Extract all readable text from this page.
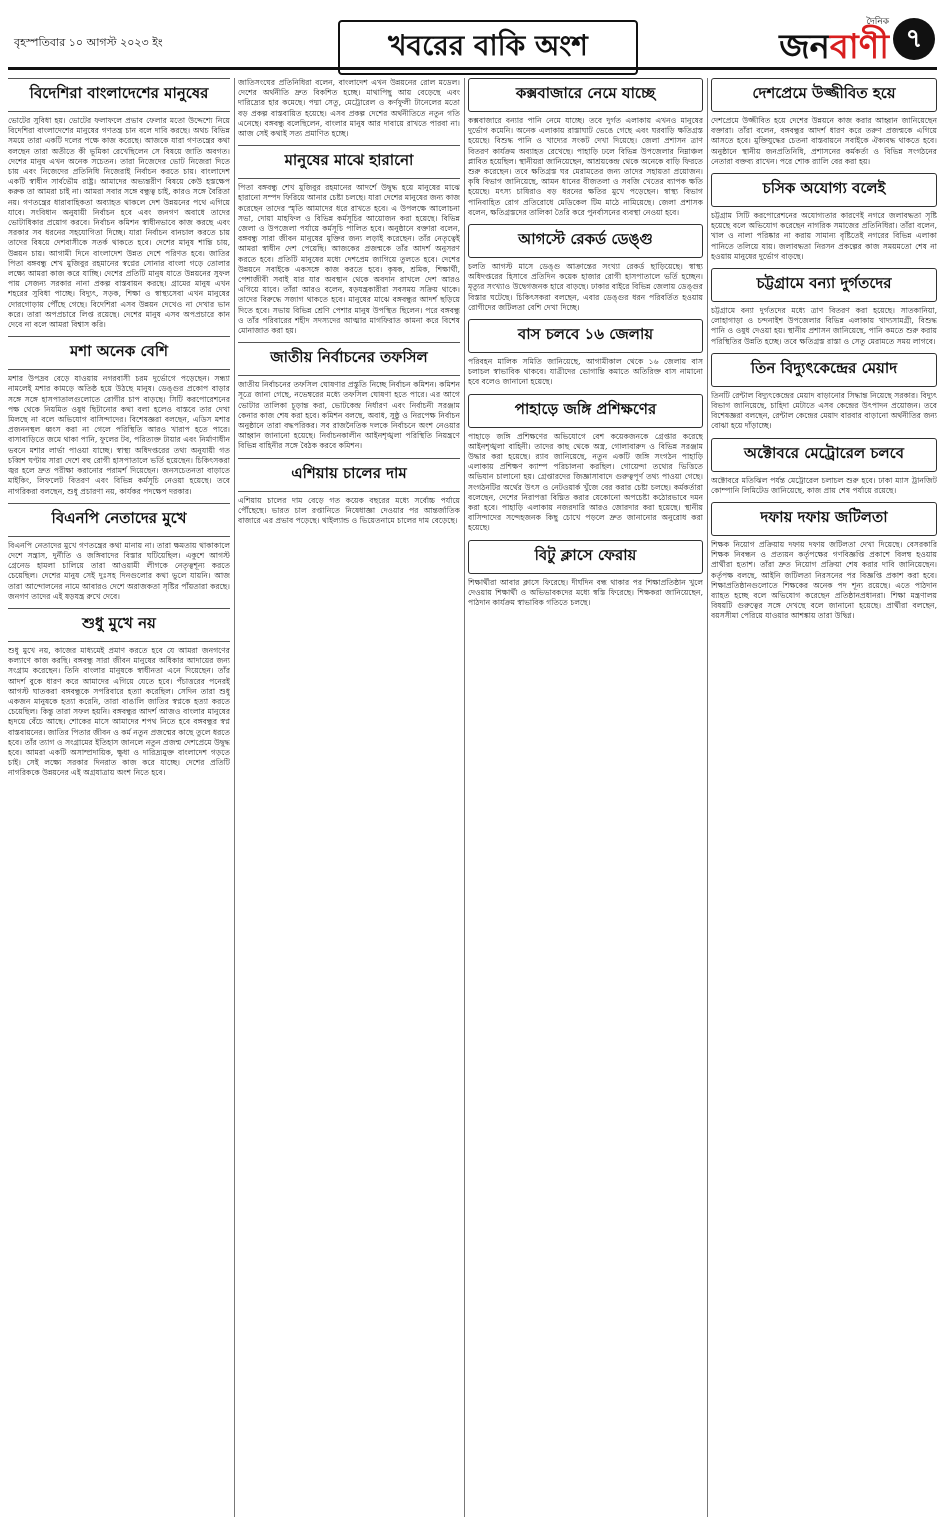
বৃহস্পতিবার ১০ আগস্ট ২০২৩ ইং	খবরের বাকি অংশ
দৈনিক
জনবাণী ৭
বিদেশিরা বাংলাদেশের মানুষের
ভোটের সুবিধা হয়। ভোটের ফলাফলে প্রভাব ফেলার মতো উদ্দেশ্যে নিয়ে বিদেশিরা বাংলাদেশের মানুষের গণতন্ত্র চান বলে দাবি করছে। অথচ বিভিন্ন সময়ে তারা একটি দলের পক্ষে কাজ করেছে। আজকে যারা গণতন্ত্রের কথা বলছেন তারা অতীতে কী ভূমিকা রেখেছিলেন সে বিষয়ে জাতি অবগত। দেশের মানুষ এখন অনেক সচেতন। তারা নিজেদের ভোট নিজেরা দিতে চায় এবং নিজেদের প্রতিনিধি নিজেরাই নির্বাচন করতে চায়। বাংলাদেশ একটি স্বাধীন সার্বভৌম রাষ্ট্র। আমাদের অভ্যন্তরীণ বিষয়ে কেউ হস্তক্ষেপ করুক তা আমরা চাই না। আমরা সবার সঙ্গে বন্ধুত্ব চাই, কারও সঙ্গে বৈরিতা নয়। গণতন্ত্রের ধারাবাহিকতা অব্যাহত থাকলে দেশ উন্নয়নের পথে এগিয়ে যাবে। সংবিধান অনুযায়ী নির্বাচন হবে এবং জনগণ অবাধে তাদের ভোটাধিকার প্রয়োগ করবে। নির্বাচন কমিশন স্বাধীনভাবে কাজ করছে এবং সরকার সব ধরনের সহযোগিতা দিচ্ছে। যারা নির্বাচন বানচাল করতে চায় তাদের বিষয়ে দেশবাসীকে সতর্ক থাকতে হবে। দেশের মানুষ শান্তি চায়, উন্নয়ন চায়। আগামী দিনে বাংলাদেশ উন্নত দেশে পরিণত হবে। জাতির পিতা বঙ্গবন্ধু শেখ মুজিবুর রহমানের স্বপ্নের সোনার বাংলা গড়ে তোলার লক্ষ্যে আমরা কাজ করে যাচ্ছি। দেশের প্রতিটি মানুষ যাতে উন্নয়নের সুফল পায় সেজন্য সরকার নানা প্রকল্প বাস্তবায়ন করছে। গ্রামের মানুষ এখন শহরের সুবিধা পাচ্ছে। বিদ্যুৎ, সড়ক, শিক্ষা ও স্বাস্থ্যসেবা এখন মানুষের দোরগোড়ায় পৌঁছে গেছে। বিদেশিরা এসব উন্নয়ন দেখেও না দেখার ভান করে। তারা অপপ্রচারে লিপ্ত রয়েছে। দেশের মানুষ এসব অপপ্রচারে কান দেবে না বলে আমরা বিশ্বাস করি।
মশা অনেক বেশি
মশার উপদ্রব বেড়ে যাওয়ায় নগরবাসী চরম দুর্ভোগে পড়েছেন। সন্ধ্যা নামলেই মশার কামড়ে অতিষ্ঠ হয়ে উঠছে মানুষ। ডেঙ্গুর প্রকোপ বাড়ার সঙ্গে সঙ্গে হাসপাতালগুলোতে রোগীর চাপ বাড়ছে। সিটি করপোরেশনের পক্ষ থেকে নিয়মিত ওষুধ ছিটানোর কথা বলা হলেও বাস্তবে তার দেখা মিলছে না বলে অভিযোগ বাসিন্দাদের। বিশেষজ্ঞরা বলছেন, এডিস মশার প্রজননস্থল ধ্বংস করা না গেলে পরিস্থিতি আরও খারাপ হতে পারে। বাসাবাড়িতে জমে থাকা পানি, ফুলের টব, পরিত্যক্ত টায়ার এবং নির্মাণাধীন ভবনে মশার লার্ভা পাওয়া যাচ্ছে। স্বাস্থ্য অধিদপ্তরের তথ্য অনুযায়ী গত চব্বিশ ঘণ্টায় সারা দেশে বহু রোগী হাসপাতালে ভর্তি হয়েছেন। চিকিৎসকরা জ্বর হলে দ্রুত পরীক্ষা করানোর পরামর্শ দিয়েছেন। জনসচেতনতা বাড়াতে মাইকিং, লিফলেট বিতরণ এবং বিভিন্ন কর্মসূচি নেওয়া হয়েছে। তবে নাগরিকরা বলছেন, শুধু প্রচারণা নয়, কার্যকর পদক্ষেপ দরকার।
বিএনপি নেতাদের মুখে
বিএনপি নেতাদের মুখে গণতন্ত্রের কথা মানায় না। তারা ক্ষমতায় থাকাকালে দেশে সন্ত্রাস, দুর্নীতি ও জঙ্গিবাদের বিস্তার ঘটিয়েছিল। একুশে আগস্ট গ্রেনেড হামলা চালিয়ে তারা আওয়ামী লীগকে নেতৃত্বশূন্য করতে চেয়েছিল। দেশের মানুষ সেই দুঃসহ দিনগুলোর কথা ভুলে যায়নি। আজ তারা আন্দোলনের নামে আবারও দেশে অরাজকতা সৃষ্টির পাঁয়তারা করছে। জনগণ তাদের এই ষড়যন্ত্র রুখে দেবে।
শুধু মুখে নয়
শুধু মুখে নয়, কাজের মাধ্যমেই প্রমাণ করতে হবে যে আমরা জনগণের কল্যাণে কাজ করছি। বঙ্গবন্ধু সারা জীবন মানুষের অধিকার আদায়ের জন্য সংগ্রাম করেছেন। তিনি বাংলার মানুষকে স্বাধীনতা এনে দিয়েছেন। তাঁর আদর্শ বুকে ধারণ করে আমাদের এগিয়ে যেতে হবে। পঁচাত্তরের পনেরই আগস্ট ঘাতকরা বঙ্গবন্ধুকে সপরিবারে হত্যা করেছিল। সেদিন তারা শুধু একজন মানুষকে হত্যা করেনি, তারা বাঙালি জাতির স্বপ্নকে হত্যা করতে চেয়েছিল। কিন্তু তারা সফল হয়নি। বঙ্গবন্ধুর আদর্শ আজও বাংলার মানুষের হৃদয়ে বেঁচে আছে। শোকের মাসে আমাদের শপথ নিতে হবে বঙ্গবন্ধুর স্বপ্ন বাস্তবায়নের। জাতির পিতার জীবন ও কর্ম নতুন প্রজন্মের কাছে তুলে ধরতে হবে। তাঁর ত্যাগ ও সংগ্রামের ইতিহাস জানলে নতুন প্রজন্ম দেশপ্রেমে উদ্বুদ্ধ হবে। আমরা একটি অসাম্প্রদায়িক, ক্ষুধা ও দারিদ্র্যমুক্ত বাংলাদেশ গড়তে চাই। সেই লক্ষ্যে সরকার দিনরাত কাজ করে যাচ্ছে। দেশের প্রতিটি নাগরিককে উন্নয়নের এই অগ্রযাত্রায় অংশ নিতে হবে।
জাতিসংঘের প্রতিনিধিরা বলেন, বাংলাদেশ এখন উন্নয়নের রোল মডেল। দেশের অর্থনীতি দ্রুত বিকশিত হচ্ছে। মাথাপিছু আয় বেড়েছে এবং দারিদ্র্যের হার কমেছে। পদ্মা সেতু, মেট্রোরেল ও কর্ণফুলী টানেলের মতো বড় প্রকল্প বাস্তবায়িত হয়েছে। এসব প্রকল্প দেশের অর্থনীতিতে নতুন গতি এনেছে। বঙ্গবন্ধু বলেছিলেন, বাংলার মানুষ আর দাবায়ে রাখতে পারবা না। আজ সেই কথাই সত্য প্রমাণিত হচ্ছে।
মানুষের মাঝে হারানো
পিতা বঙ্গবন্ধু শেখ মুজিবুর রহমানের আদর্শে উদ্বুদ্ধ হয়ে মানুষের মাঝে হারানো সম্পদ ফিরিয়ে আনার চেষ্টা চলছে। যারা দেশের মানুষের জন্য কাজ করেছেন তাদের স্মৃতি আমাদের ধরে রাখতে হবে। এ উপলক্ষে আলোচনা সভা, দোয়া মাহফিল ও বিভিন্ন কর্মসূচির আয়োজন করা হয়েছে। বিভিন্ন জেলা ও উপজেলা পর্যায়ে কর্মসূচি পালিত হবে। অনুষ্ঠানে বক্তারা বলেন, বঙ্গবন্ধু সারা জীবন মানুষের মুক্তির জন্য লড়াই করেছেন। তাঁর নেতৃত্বেই আমরা স্বাধীন দেশ পেয়েছি। আজকের প্রজন্মকে তাঁর আদর্শ অনুসরণ করতে হবে। প্রতিটি মানুষের মধ্যে দেশপ্রেম জাগিয়ে তুলতে হবে। দেশের উন্নয়নে সবাইকে একসঙ্গে কাজ করতে হবে। কৃষক, শ্রমিক, শিক্ষার্থী, পেশাজীবী সবাই যার যার অবস্থান থেকে অবদান রাখলে দেশ আরও এগিয়ে যাবে। তাঁরা আরও বলেন, ষড়যন্ত্রকারীরা সবসময় সক্রিয় থাকে। তাদের বিরুদ্ধে সজাগ থাকতে হবে। মানুষের মাঝে বঙ্গবন্ধুর আদর্শ ছড়িয়ে দিতে হবে। সভায় বিভিন্ন শ্রেণি পেশার মানুষ উপস্থিত ছিলেন। পরে বঙ্গবন্ধু ও তাঁর পরিবারের শহীদ সদস্যদের আত্মার মাগফিরাত কামনা করে বিশেষ মোনাজাত করা হয়।
জাতীয় নির্বাচনের তফসিল
জাতীয় নির্বাচনের তফসিল ঘোষণার প্রস্তুতি নিচ্ছে নির্বাচন কমিশন। কমিশন সূত্রে জানা গেছে, নভেম্বরের মধ্যে তফসিল ঘোষণা হতে পারে। এর আগে ভোটার তালিকা চূড়ান্ত করা, ভোটকেন্দ্র নির্ধারণ এবং নির্বাচনী সরঞ্জাম কেনার কাজ শেষ করা হবে। কমিশন বলছে, অবাধ, সুষ্ঠু ও নিরপেক্ষ নির্বাচন অনুষ্ঠানে তারা বদ্ধপরিকর। সব রাজনৈতিক দলকে নির্বাচনে অংশ নেওয়ার আহ্বান জানানো হয়েছে। নির্বাচনকালীন আইনশৃঙ্খলা পরিস্থিতি নিয়ন্ত্রণে বিভিন্ন বাহিনীর সঙ্গে বৈঠক করবে কমিশন।
এশিয়ায় চালের দাম
এশিয়ায় চালের দাম বেড়ে গত কয়েক বছরের মধ্যে সর্বোচ্চ পর্যায়ে পৌঁছেছে। ভারত চাল রপ্তানিতে নিষেধাজ্ঞা দেওয়ার পর আন্তর্জাতিক বাজারে এর প্রভাব পড়েছে। থাইল্যান্ড ও ভিয়েতনামে চালের দাম বেড়েছে।
কক্সবাজারে নেমে যাচ্ছে
কক্সবাজারে বন্যার পানি নেমে যাচ্ছে। তবে দুর্গত এলাকায় এখনও মানুষের দুর্ভোগ কমেনি। অনেক এলাকায় রাস্তাঘাট ভেঙে গেছে এবং ঘরবাড়ি ক্ষতিগ্রস্ত হয়েছে। বিশুদ্ধ পানি ও খাদ্যের সংকট দেখা দিয়েছে। জেলা প্রশাসন ত্রাণ বিতরণ কার্যক্রম অব্যাহত রেখেছে। পাহাড়ি ঢলে বিভিন্ন উপজেলার নিম্নাঞ্চল প্লাবিত হয়েছিল। স্থানীয়রা জানিয়েছেন, আশ্রয়কেন্দ্র থেকে অনেকে বাড়ি ফিরতে শুরু করেছেন। তবে ক্ষতিগ্রস্ত ঘর মেরামতের জন্য তাদের সহায়তা প্রয়োজন। কৃষি বিভাগ জানিয়েছে, আমন ধানের বীজতলা ও সবজি খেতের ব্যাপক ক্ষতি হয়েছে। মৎস্য চাষিরাও বড় ধরনের ক্ষতির মুখে পড়েছেন। স্বাস্থ্য বিভাগ পানিবাহিত রোগ প্রতিরোধে মেডিকেল টিম মাঠে নামিয়েছে। জেলা প্রশাসক বলেন, ক্ষতিগ্রস্তদের তালিকা তৈরি করে পুনর্বাসনের ব্যবস্থা নেওয়া হবে।
আগস্টে রেকর্ড ডেঙ্গু
চলতি আগস্ট মাসে ডেঙ্গু আক্রান্তের সংখ্যা রেকর্ড ছাড়িয়েছে। স্বাস্থ্য অধিদপ্তরের হিসাবে প্রতিদিন কয়েক হাজার রোগী হাসপাতালে ভর্তি হচ্ছেন। মৃত্যুর সংখ্যাও উদ্বেগজনক হারে বাড়ছে। ঢাকার বাইরে বিভিন্ন জেলায় ডেঙ্গুর বিস্তার ঘটেছে। চিকিৎসকরা বলছেন, এবার ডেঙ্গুর ধরন পরিবর্তিত হওয়ায় রোগীদের জটিলতা বেশি দেখা দিচ্ছে।
বাস চলবে ১৬ জেলায়
পরিবহন মালিক সমিতি জানিয়েছে, আগামীকাল থেকে ১৬ জেলায় বাস চলাচল স্বাভাবিক থাকবে। যাত্রীদের ভোগান্তি কমাতে অতিরিক্ত বাস নামানো হবে বলেও জানানো হয়েছে।
পাহাড়ে জঙ্গি প্রশিক্ষণের
পাহাড়ে জঙ্গি প্রশিক্ষণের অভিযোগে বেশ কয়েকজনকে গ্রেপ্তার করেছে আইনশৃঙ্খলা বাহিনী। তাদের কাছ থেকে অস্ত্র, গোলাবারুদ ও বিভিন্ন সরঞ্জাম উদ্ধার করা হয়েছে। র‍্যাব জানিয়েছে, নতুন একটি জঙ্গি সংগঠন পাহাড়ি এলাকায় প্রশিক্ষণ ক্যাম্প পরিচালনা করছিল। গোয়েন্দা তথ্যের ভিত্তিতে অভিযান চালানো হয়। গ্রেপ্তারদের জিজ্ঞাসাবাদে গুরুত্বপূর্ণ তথ্য পাওয়া গেছে। সংগঠনটির অর্থের উৎস ও নেটওয়ার্ক খুঁজে বের করার চেষ্টা চলছে। কর্মকর্তারা বলেছেন, দেশের নিরাপত্তা বিঘ্নিত করার যেকোনো অপচেষ্টা কঠোরভাবে দমন করা হবে। পাহাড়ি এলাকায় নজরদারি আরও জোরদার করা হয়েছে। স্থানীয় বাসিন্দাদের সন্দেহজনক কিছু চোখে পড়লে দ্রুত জানানোর অনুরোধ করা হয়েছে।
বিটু ক্লাসে ফেরায়
শিক্ষার্থীরা আবার ক্লাসে ফিরেছে। দীর্ঘদিন বন্ধ থাকার পর শিক্ষাপ্রতিষ্ঠান খুলে দেওয়ায় শিক্ষার্থী ও অভিভাবকদের মধ্যে স্বস্তি ফিরেছে। শিক্ষকরা জানিয়েছেন, পাঠদান কার্যক্রম স্বাভাবিক গতিতে চলছে।
দেশপ্রেমে উজ্জীবিত হয়ে
দেশপ্রেমে উজ্জীবিত হয়ে দেশের উন্নয়নে কাজ করার আহ্বান জানিয়েছেন বক্তারা। তাঁরা বলেন, বঙ্গবন্ধুর আদর্শ ধারণ করে তরুণ প্রজন্মকে এগিয়ে আসতে হবে। মুক্তিযুদ্ধের চেতনা বাস্তবায়নে সবাইকে ঐক্যবদ্ধ থাকতে হবে। অনুষ্ঠানে স্থানীয় জনপ্রতিনিধি, প্রশাসনের কর্মকর্তা ও বিভিন্ন সংগঠনের নেতারা বক্তব্য রাখেন। পরে শোক র‍্যালি বের করা হয়।
চসিক অযোগ্য বলেই
চট্টগ্রাম সিটি করপোরেশনের অযোগ্যতার কারণেই নগরে জলাবদ্ধতা সৃষ্টি হয়েছে বলে অভিযোগ করেছেন নাগরিক সমাজের প্রতিনিধিরা। তাঁরা বলেন, খাল ও নালা পরিষ্কার না করায় সামান্য বৃষ্টিতেই নগরের বিভিন্ন এলাকা পানিতে তলিয়ে যায়। জলাবদ্ধতা নিরসন প্রকল্পের কাজ সময়মতো শেষ না হওয়ায় মানুষের দুর্ভোগ বাড়ছে।
চট্টগ্রামে বন্যা দুর্গতদের
চট্টগ্রামে বন্যা দুর্গতদের মধ্যে ত্রাণ বিতরণ করা হয়েছে। সাতকানিয়া, লোহাগাড়া ও চন্দনাইশ উপজেলার বিভিন্ন এলাকায় খাদ্যসামগ্রী, বিশুদ্ধ পানি ও ওষুধ দেওয়া হয়। স্থানীয় প্রশাসন জানিয়েছে, পানি কমতে শুরু করায় পরিস্থিতির উন্নতি হচ্ছে। তবে ক্ষতিগ্রস্ত রাস্তা ও সেতু মেরামতে সময় লাগবে।
তিন বিদ্যুৎকেন্দ্রের মেয়াদ
তিনটি রেন্টাল বিদ্যুৎকেন্দ্রের মেয়াদ বাড়ানোর সিদ্ধান্ত নিয়েছে সরকার। বিদ্যুৎ বিভাগ জানিয়েছে, চাহিদা মেটাতে এসব কেন্দ্রের উৎপাদন প্রয়োজন। তবে বিশেষজ্ঞরা বলছেন, রেন্টাল কেন্দ্রের মেয়াদ বারবার বাড়ানো অর্থনীতির জন্য বোঝা হয়ে দাঁড়াচ্ছে।
অক্টোবরে মেট্রোরেল চলবে
অক্টোবরে মতিঝিল পর্যন্ত মেট্রোরেল চলাচল শুরু হবে। ঢাকা ম্যাস ট্রানজিট কোম্পানি লিমিটেড জানিয়েছে, কাজ প্রায় শেষ পর্যায়ে রয়েছে।
দফায় দফায় জটিলতা
শিক্ষক নিয়োগ প্রক্রিয়ায় দফায় দফায় জটিলতা দেখা দিয়েছে। বেসরকারি শিক্ষক নিবন্ধন ও প্রত্যয়ন কর্তৃপক্ষের গণবিজ্ঞপ্তি প্রকাশে বিলম্ব হওয়ায় প্রার্থীরা হতাশ। তাঁরা দ্রুত নিয়োগ প্রক্রিয়া শেষ করার দাবি জানিয়েছেন। কর্তৃপক্ষ বলছে, আইনি জটিলতা নিরসনের পর বিজ্ঞপ্তি প্রকাশ করা হবে। শিক্ষাপ্রতিষ্ঠানগুলোতে শিক্ষকের অনেক পদ শূন্য রয়েছে। এতে পাঠদান ব্যাহত হচ্ছে বলে অভিযোগ করেছেন প্রতিষ্ঠানপ্রধানরা। শিক্ষা মন্ত্রণালয় বিষয়টি গুরুত্বের সঙ্গে দেখছে বলে জানানো হয়েছে। প্রার্থীরা বলছেন, বয়সসীমা পেরিয়ে যাওয়ার আশঙ্কায় তারা উদ্বিগ্ন।
